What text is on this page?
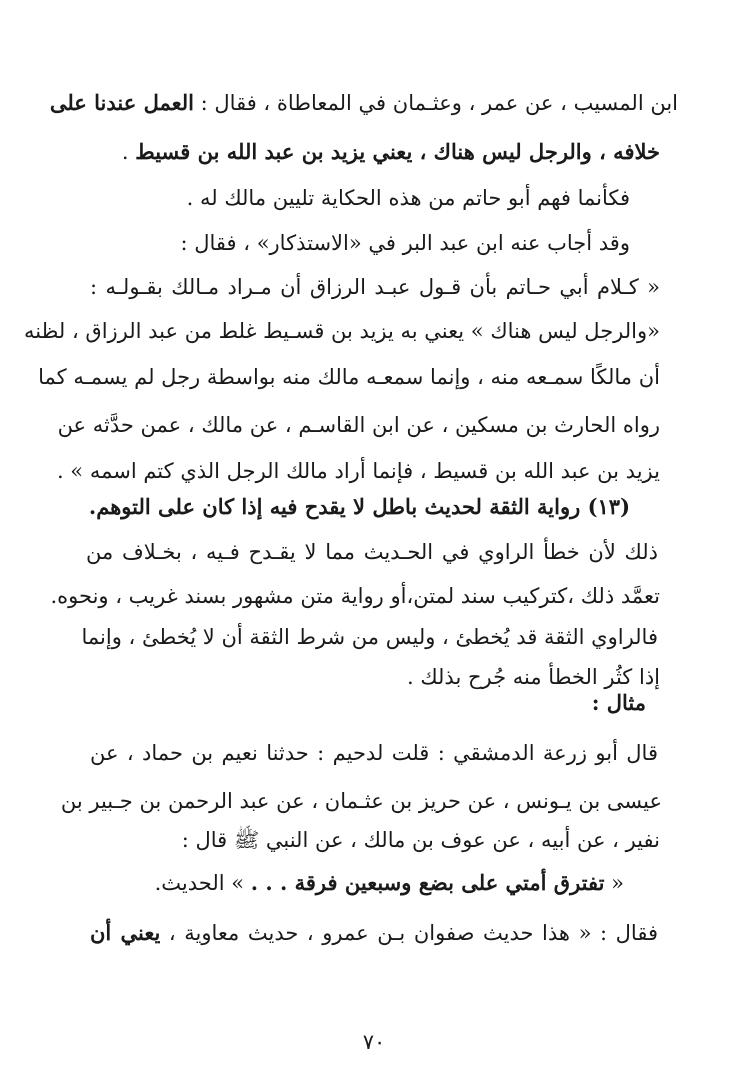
ابن المسيب ، عن عمر ، وعثـمان في المعاطاة ، فقال : العمل عندنا على
خلافه ، والرجل ليس هناك ، يعني يزيد بن عبد الله بن قسيط .
فكأنما فهم أبو حاتم من هذه الحكاية تليين مالك له .
وقد أجاب عنه ابن عبد البر في «الاستذكار» ، فقال :
« كـلام أبي حـاتم بأن قـول عبـد الرزاق أن مـراد مـالك بقـولـه :
«والرجل ليس هناك » يعني به يزيد بن قسـيط غلط من عبد الرزاق ، لظنه
أن مالكًا سمـعه منه ، وإنما سمعـه مالك منه بواسطة رجل لم يسمـه كما
رواه الحارث بن مسكين ، عن ابن القاسـم ، عن مالك ، عمن حدَّثه عن
يزيد بن عبد الله بن قسيط ، فإنما أراد مالك الرجل الذي كتم اسمه » .
(١٣) رواية الثقة لحديث باطل لا يقدح فيه إذا كان على التوهم.
ذلك لأن خطأ الراوي في الحـديث مما لا يقـدح فـيه ، بخـلاف من
تعمَّد ذلك ،كتركيب سند لمتن،أو رواية متن مشهور بسند غريب ، ونحوه.
فالراوي الثقة قد يُخطئ ، وليس من شرط الثقة أن لا يُخطئ ، وإنما
إذا كثُر الخطأ منه جُرح بذلك .
مثال :
قال أبو زرعة الدمشقي : قلت لدحيم : حدثنا نعيم بن حماد ، عن
عيسى بن يـونس ، عن حريز بن عثـمان ، عن عبد الرحمن بن جـبير بن
نفير ، عن أبيه ، عن عوف بن مالك ، عن النبي ﷺ قال :
« تفترق أمتي على بضع وسبعين فرقة . . . » الحديث.
فقال : « هذا حديث صفوان بـن عمرو ، حديث معاوية ، يعني أن
٧٠
